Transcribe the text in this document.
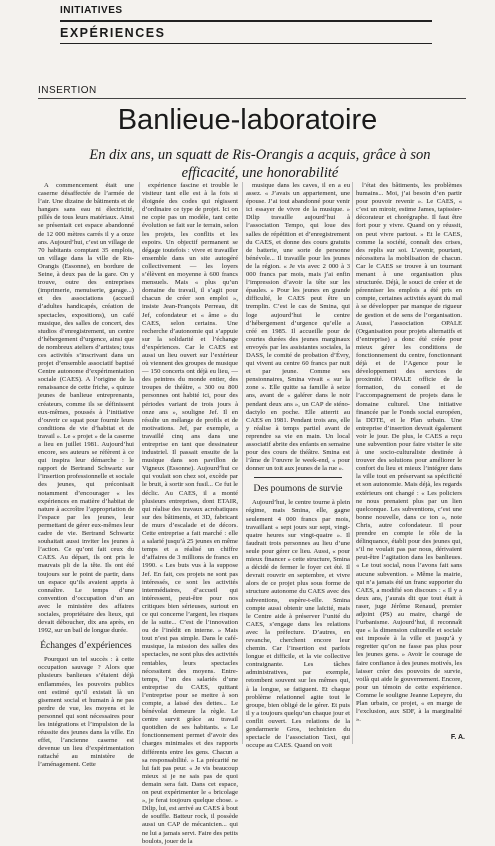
INITIATIVES
EXPÉRIENCES
INSERTION
Banlieue-laboratoire
En dix ans, un squatt de Ris-Orangis a acquis, grâce à son efficacité, une honorabilité

A commencement était une caserne désaffectée de l’armée de l’air. Une dizaine de bâtiments et de hangars sans eau ni électricité, pillés de tous leurs matériaux. Ainsi se présentait cet espace abandonné de 12 000 mètres carrés il y a onze ans. Aujourd’hui, c’est un village de 70 habitants comptant 35 emplois, un village dans la ville de Ris-Orangis (Essonne), en bordure de Seine, à deux pas de la gare. On y trouve, outre des entreprises (imprimerie, menuiserie, garage...) et des associations (accueil d’adultes handicapés, création de spectacles, expositions), un café musique, des salles de concert, des studios d’enregistrement, un centre d’hébergement d’urgence, ainsi que de nombreux ateliers d’artistes; tous ces activités s’inscrivant dans un projet d’ensemble associatif baptisé Centre autonome d’expérimentation sociale (CAES). A l’origine de la renaissance de cette friche, « quinze jeunes de banlieue entreprenants, créateurs, comme ils se définissent eux-mêmes, poussés à l’initiative d’ouvrir ce squat pour fournir leurs conditions de vie d’habitat et de travail ». Le « projet » de la caserne a lieu en juillet 1981. Aujourd’hui encore, ses auteurs se réfèrent à ce qui inspira leur démarche : le rapport de Bertrand Schwartz sur l’insertion professionnelle et sociale des jeunes, qui préconisait notamment d’encourager « les expériences en matière d’habitat de nature à accroître l’appropriation de l’espace par les jeunes, leur permettant de gérer eux-mêmes leur cadre de vie. Bertrand Schwartz souhaitait aussi inviter les jeunes à l’action. Ce qu’ont fait ceux du CAES. Au départ, ils ont pris le mauvais pli de la tête. Ils ont été toujours sur le point de partir, dans un espace qu’ils avaient appris à connaître. Le temps d’une convention d’occupation d’un an avec le ministère des affaires sociales, propriétaire des lieux, qui devait déboucher, dix ans après, en 1992, sur un bail de longue durée.

Échanges d’expériences

Pourquoi un tel succès : à cette occupation sauvage ? Alors que plusieurs banlieues s’étaient déjà enflammées, les pouvoirs publics ont estimé qu’il existait là un gisement social et humain à ne pas perdre de vue, les moyens et le personnel qui sont nécessaires pour les intégrations et l’impulsion de la réussite des jeunes dans la ville. En effet, l’ancienne caserne est devenue un lieu d’expérimentation rattaché au ministère de l’aménagement. Cette

expérience fascine et trouble le visiteur tant elle est à la fois si éloignée des codes qui régissent d’ordinaire ce type de projet. Ici on ne copie pas un modèle, tant cette évolution se fait sur le terrain, selon les projets, les conflits et les espoirs. Un objectif permanent se dégage toutefois : vivre et travailler ensemble dans un site autogéré collectivement — les loyers s’élèvent en moyenne à 600 francs mensuels. Mais « plus qu’un domaine du travail, il s’agit pour chacun de créer son emploi », insiste Jean-François Perreau, dit Jef, cofondateur et « âme » du CAES, selon certains. Une recherche d’autonomie qui s’appuie sur la solidarité et l’échange d’expériences. Car le CAES est aussi un lieu ouvert sur l’extérieur où viennent des groupes de musique — 150 concerts ont déjà eu lieu, — des peintres du monde entier, des troupes de théâtre, « 300 ou 800 personnes ont habité ici, pour des périodes variant de trois jours à onze ans », souligne Jef. Il en résulte un mélange de profils et de motivations. Jef, par exemple, a travaillé cinq ans dans une entreprise en tant que dessinateur industriel. Il passait ensuite de la musique dans son pavillon de Vigneux (Essonne). Aujourd’hui ce qui voulait son chez soi, excède par le bruit, à sortir son fusil... Ce fut le déclic. Au CAES, il a monté plusieurs entreprises, dont ETAIR, qui réalise des travaux acrobatiques sur des bâtiments, et 3D, fabricant de murs d’escalade et de décors. Cette entreprise a fait marché : elle a salarié jusqu’à 25 jeunes en même temps et a réalisé un chiffre d’affaires de 3 millions de francs en 1990. « Les buts vus à la suppose Jef. En fait, ces projets ne sont pas intéressés, ce sont les activités intermédiaires, d’accueil qui intéressent, peut-être pour nos critiques bien sérieuses, surtout en ce qui concerne l’argent, les risques de la suite... C’est de l’innovation ou de l’inédit en interne. » Mais tout n’est pas simple. Dans le café-musique, la mission des salles des spectacles, ne sont plus des activités rentables, leurs spectacles nécessitent des moyens. Entre-temps, l’un des salariés d’une entreprise du CAES, quittant l’entreprise pour se mettre à son compte, a laissé des dettes... Le bénévolat demeure la règle. Le centre survit grâce au travail quotidien de ses habitants. « Le fonctionnement permet d’avoir des charges minimales et des rapports différents entre les gens. Chacun a sa responsabilité. » La précarité ne lui fait pas peur. « Je vis beaucoup mieux si je ne sais pas de quoi demain sera fait. Dans cet espace, on peut expérimenter le « bricolage », je ferai toujours quelque chose. » Dilip, lui, est arrivé au CAES à bout de souffle. Batteur rock, il possède aussi un CAP de mécanicien... qui ne lui a jamais servi. Faire des petits boulots, jouer de la

musique dans les caves, il en a eu assez. « J’avais un appartement, une épouse. J’ai tout abandonné pour venir ici essayer de vivre de la musique. » Dilip travaille aujourd’hui à l’association Tempo, qui loue des salles de répétition et d’enregistrement du CAES, et donne des cours gratuits de batterie, une sorte de personne bénévole... Il travaille pour les jeunes de la région. « Je vis avec 2 000 à 3 000 francs par mois, mais j’ai enfin l’impression d’avoir la tête sur les épaules. » Pour les jeunes en grande difficulté, le CAES peut être un tremplin. C’est le cas de Smina, qui loge aujourd’hui le centre d’hébergement d’urgence qu’elle a créé en 1985. Il accueille pour de courtes durées des jeunes marginaux envoyés par les assistantes sociales, la DASS, le comité de probation d’Évry, qui vivent au centre 60 francs par nuit et par jeune. Comme ses pensionnaires, Smina vivait « sur la zone ». Elle quitte sa famille à seize ans, avant de « galérer dans le noir pendant deux ans », un CAP de sténo-dactylo en poche. Elle atterrit au CAES en 1981. Pendant trois ans, elle y réalise à temps partiel avant de reprendre sa vie en main. Un local associatif abrite des enfants en semaine pour des cours de théâtre. Smina est l’âme de l’œuvre le week-end, « pour donner un toit aux jeunes de la rue ».

Des poumons de survie

Aujourd’hui, le centre tourne à plein régime, mais Smina, elle, gagne seulement 4 000 francs par mois, travaillant « sept jours sur sept, vingt-quatre heures sur vingt-quatre ». Il faudrait trois personnes au lieu d’une seule pour gérer ce lieu. Aussi, « pour mieux financer » cette structure, Smina a décidé de fermer le foyer cet été. Il devrait rouvrir en septembre, et vivre alors de ce projet plus sous forme de structure autonome du CAES avec des subventions, espère-t-elle. Smina compte aussi obtenir une laïcité, mais le Centre aide à préserver l’unité du CAES, s’engage dans les relations avec la préfecture. D’autres, en revanche, cherchent encore leur chemin. Car l’insertion est parfois longue et difficile, et la vie collective contraignante. Les tâches administratives, par exemple, retombent souvent sur les mêmes qui, à la longue, se fatiguent. Et chaque problème relationnel agite tout le groupe, bien obligé de le gérer. Et puis il y a toujours quelqu’un chaque jour et conflit ouvert. Les relations de la gendarmerie Gros, technicien du spectacle de l’association Taxi, qui occupe au CAES. Quand on voit

l’état des bâtiments, les problèmes humains... Moi, j’ai besoin d’en partir pour pouvoir revenir ». Le CAES, « c’est un miroir, estime James, tapissier-décorateur et chorégraphe. Il faut être fort pour y vivre. Quand on y réussit, on peut vivre partout. » Et le CAES, comme la société, connaît des crises, des replis sur soi. L’avenir, pourtant, nécessitera la mobilisation de chacun. Car le CAES se trouve à un tournant menant à une organisation plus structurée. Déjà, le souci de créer et de pérenniser les emplois a été pris en compte, certaines activités ayant du mal à se développer par manque de rigueur de gestion et de sens de l’organisation. Aussi, l’association OPALE (Organisation pour projets alternatifs et d’entreprise) a donc été créée pour mieux gérer les conditions de fonctionnement du centre, fonctionnant déjà et de l’Agence pour le développement des services de proximité. OPALE officie de la formation, du conseil et de l’accompagnement de projets dans le domaine culturel. Une initiative financée par le Fonds social européen, la DDTE, et le Plan urbain. Une entreprise d’insertion devrait également voir le jour. De plus, le CAES a reçu une subvention pour faire visiter le site à une socio-culturaliste destinée à trouver des solutions pour améliorer le confort du lieu et mieux l’intégrer dans la ville tout en préservant sa spécificité et son autonomie. Mais déjà, les regards extérieurs ont changé : « Les policiers ne nous prenaient plus par un lien quelconque. Les subventions, c’est une bonne nouvelle, dans ce ton », note Chris, autre cofondateur. Il pour prendre en compte le rôle de la délinquance, établi pour des jeunes qui, s’il ne voulait pas par nous, dérivaient peut-être l’agitation dans les banlieues. « Le tout social, nous l’avons fait sans aucune subvention. » Même la mairie, qui n’a jamais été un franc supporter du CAES, a modifié son discours : « Il y a deux ans, j’aurais dit que tout était à raser, juge Jérôme Renaud, premier adjoint (PS) au maire, chargé de l’urbanisme. Aujourd’hui, il reconnaît que « la dimension culturelle et sociale est imposée à la ville et jusqu’à y regretter qu’on ne fasse pas plus pour les jeunes gens. » Avoir le courage de faire confiance à des jeunes motivés, les laisser créer des pouvoirs de survie, voilà qui aide le gouvernement. Encore, pour un témoin de cette expérience. Comme le souligne Jeanne Lepeyre, du Plan urbain, ce projet, « en marge de l’exclusion, aux SDF, à la marginalité ».

F. A.
